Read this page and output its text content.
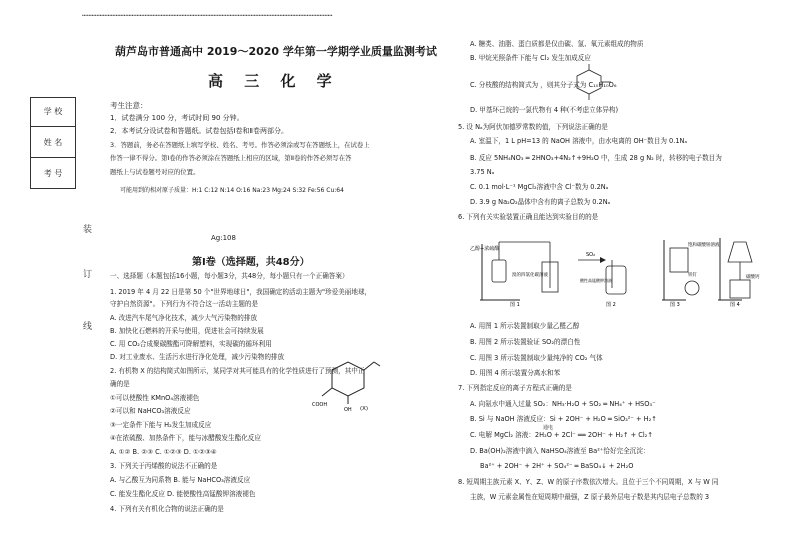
…………………………………………………………………………………………………………………………………………
装
订
线
学 校
姓 名
考 号
葫芦岛市普通高中 2019～2020 学年第一学期学业质量监测考试
高 三 化 学
考生注意：
1．试卷满分 100 分，考试时间 90 分钟。
2．本考试分设试卷和答题纸。试卷包括Ⅰ卷和Ⅱ卷两部分。
3．答题前，务必在答题纸上填写学校、姓名、考号。作答必须涂或写在答题纸上，在试卷上
作答一律不得分。第Ⅰ卷的作答必须涂在答题纸上相应的区域，第Ⅱ卷的作答必须写在答
题纸上与试卷题号对应的位置。
可能用到的相对原子质量：H:1 C:12 N:14 O:16 Na:23 Mg:24 S:32 Fe:56 Cu:64
Ag:108
第Ⅰ卷（选择题，共48分）
一、选择题（本题包括16小题，每小题3分，共48分，每小题只有一个正确答案）
1. 2019 年 4 月 22 日是第 50 个"世界地球日"，我国确定的活动主题为"珍爱美丽地球，
守护自然资源"。下列行为不符合这一活动主题的是
A. 改进汽车尾气净化技术，减少大气污染物的排放
B. 加快化石燃料的开采与使用，促进社会可持续发展
C. 用 CO₂合成聚碳酸酯可降解塑料，实现碳的循环利用
D. 对工业废水、生活污水进行净化处理，减少污染物的排放
2. 有机物 X 的结构简式如图所示，某同学对其可能具有的化学性质进行了预测，其中正
确的是
①可以使酸性 KMnO₄溶液褪色
②可以和 NaHCO₃溶液反应
③一定条件下能与 H₂发生加成反应
④在浓硫酸、加热条件下，能与冰醋酸发生酯化反应
A. ①② B. ②③ C. ①②③ D. ①②③④
3. 下列关于丙烯酸的说法不正确的是
A. 与乙酸互为同系物 B. 能与 NaHCO₃溶液反应
C. 能发生酯化反应 D. 能使酸性高锰酸钾溶液褪色
4. 下列有关有机化合物的说法正确的是
COOH
OH (X)
A. 糖类、油脂、蛋白质都是仅由碳、氢、氧元素组成的物质
B. 甲烷光照条件下能与 Cl₂ 发生加成反应
C. 分枝酸的结构简式为 ，则其分子式为 C₁₀H₁₀O₆
D. 甲基环己烷的一氯代物有 4 种(不考虑立体异构)
5. 设 Nₐ为阿伏加德罗常数的值，下列说法正确的是
A. 室温下，1 L pH=13 的 NaOH 溶液中，由水电离的 OH⁻数目为 0.1Nₐ
B. 反应 5NH₄NO₃ ═ 2HNO₃+4N₂↑+9H₂O 中，生成 28 g N₂ 时，转移的电子数目为
3.75 Nₐ
C. 0.1 mol·L⁻¹ MgCl₂溶液中含 Cl⁻数为 0.2Nₐ
D. 3.9 g Na₂O₂晶体中含有的离子总数为 0.2Nₐ
6. 下列有关实验装置正确且能达到实验目的的是
乙醇+浓硫酸
溴的四氯化碳溶液
图 1
SO₂
酸性高锰酸钾溶液
图 2
饱和碳酸钠溶液
铁钉
图 3
碳酸钙
图 4
A. 用图 1 所示装置制取少量乙醛乙醇
B. 用图 2 所示装置验证 SO₂的漂白性
C. 用图 3 所示装置制取少量纯净的 CO₂ 气体
D. 用图 4 所示装置分离水和苯
7. 下列指定反应的离子方程式正确的是
A. 向氨水中通入过量 SO₂：NH₃·H₂O + SO₂ ═ NH₄⁺ + HSO₃⁻
B. Si 与 NaOH 溶液反应：Si + 2OH⁻ + H₂O ═ SiO₃²⁻ + H₂↑
C. 电解 MgCl₂ 溶液：2H₂O + 2Cl⁻ ══ 2OH⁻ + H₂↑ + Cl₂↑
通电
D. Ba(OH)₂溶液中滴入 NaHSO₄溶液至 Ba²⁺恰好完全沉淀：
Ba²⁺ + 2OH⁻ + 2H⁺ + SO₄²⁻ ═ BaSO₄↓ + 2H₂O
8. 短周期主族元素 X、Y、Z、W 的原子序数依次增大。且位于三个不同周期，X 与 W 同
主族，W 元素金属性在短周期中最强，Z 原子最外层电子数是其内层电子总数的 3
